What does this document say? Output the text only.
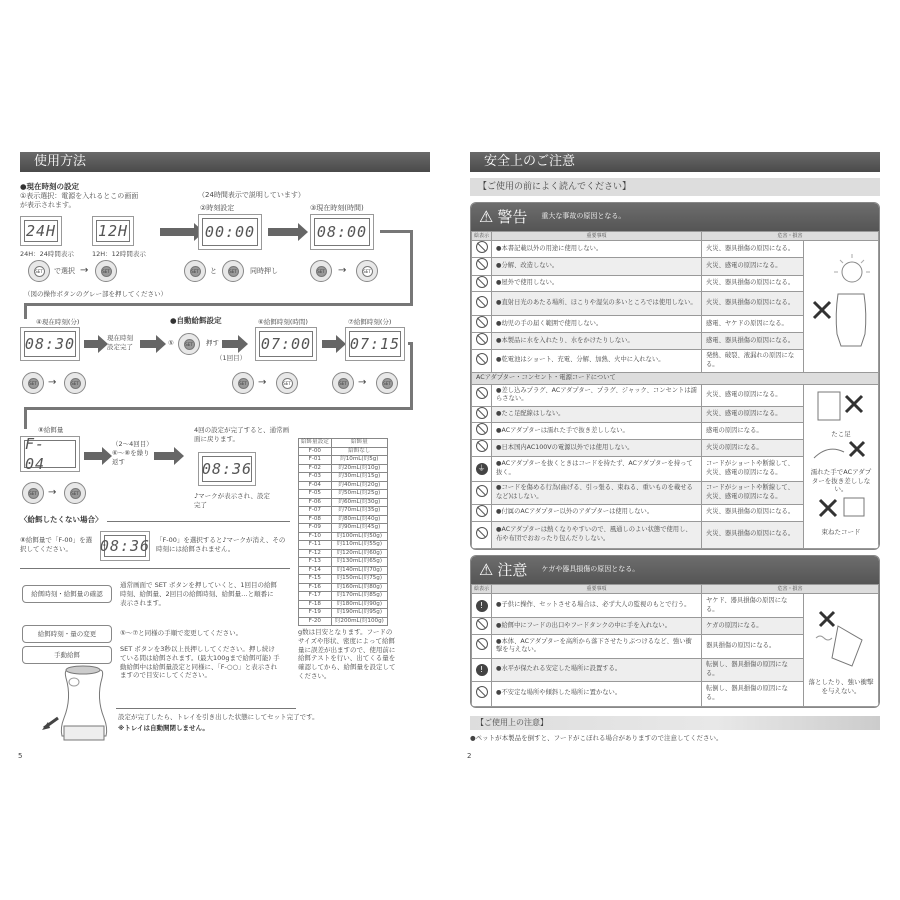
使用方法
●現在時刻の設定
①表示選択：電源を入れるとこの画面が表示されます。
24H	12H
24H：24時間表示	12H：12時間表示
SET で選択 →	SET
（図の操作ボタンのグレー部を押してください）
（24時間表示で説明しています）
②時刻設定
00:00
SET と	SET 同時押し
③現在時刻(時間)
08:00
SET →	SET
④現在時刻(分)
08:30	現在時刻設定完了
●自動給餌設定
⑤	SET 押す
（1回目）
⑥給餌時刻(時間)
07:00
⑦給餌時刻(分)
07:15
SET →	SET	SET →	SET	SET →	SET
⑧給餌量
F- 04
（2〜4回目）⑥〜⑧を繰り返す
4回の設定が完了すると、通常画面に戻ります。
08:36
♪マークが表示され、設定完了
SET →	SET
〈給餌したくない場合〉
⑧給餌量で「F-00」を選択してください。	08:36 「F-00」を選択すると♪マークが消え、その時刻には給餌されません。
給餌量設定	給餌量
F-00	給餌なし
F-01	約10mL(約5g)
F-02	約20mL(約10g)
F-03	約30mL(約15g)
F-04	約40mL(約20g)
F-05	約50mL(約25g)
F-06	約60mL(約30g)
F-07	約70mL(約35g)
F-08	約80mL(約40g)
F-09	約90mL(約45g)
F-10	約100mL(約50g)
F-11	約110mL(約55g)
F-12	約120mL(約60g)
F-13	約130mL(約65g)
F-14	約140mL(約70g)
F-15	約150mL(約75g)
F-16	約160mL(約80g)
F-17	約170mL(約85g)
F-18	約180mL(約90g)
F-19	約190mL(約95g)
F-20	約200mL(約100g)
g数は目安となります。フードのサイズや形状、密度によって給餌量に誤差が出ますので、使用前に給餌テストを行い、出てくる量を確認してから、給餌量を設定してください。
給餌時刻・給餌量の確認
通常画面で SET ボタンを押していくと、1回目の給餌時刻、給餌量、2回目の給餌時刻、給餌量…と順番に表示されます。
給餌時刻・量の変更	⑤〜⑦と同様の手順で変更してください。
手動給餌
SET ボタンを3秒以上長押ししてください。押し続けている間は給餌されます。(最大100gまで給餌可能) 手動給餌中は給餌量設定と同様に、「F-○○」と表示されますので目安にしてください。
設定が完了したら、トレイを引き出した状態にしてセット完了です。
※トレイは自動開閉しません。
5
安全上のご注意
【ご使用の前によく読んでください】
⚠ 警告 重大な事故の原因となる。
絵表示	重要事項	危害・損害	
	●本書記載以外の用途に使用しない。	火災、器具損傷の原因になる。	
	●分解、改造しない。	火災、感電の原因になる。	
	●屋外で使用しない。	火災、器具損傷の原因になる。	
	●直射日光のあたる場所、ほこりや湿気の多いところでは使用しない。	火災、器具損傷の原因になる。	
	●幼児の手の届く範囲で使用しない。	感電、ヤケドの原因になる。	
	●本製品に水を入れたり、水をかけたりしない。	感電、器具損傷の原因になる。	
	●乾電池はショート、充電、分解、加熱、火中に入れない。	発熱、破裂、液漏れの原因になる。	
ACアダプター・コンセント・電源コードについて			
	●差し込みプラグ、ACアダプター、プラグ、ジャック、コンセントは濡らさない。	火災、感電の原因になる。	たこ足
濡れた手でACアダプターを抜き差ししない。
束ねたコード

	●たこ足配線はしない。	火災、感電の原因になる。	
	●ACアダプターは濡れた手で抜き差ししない。	感電の原因になる。	
	●日本国内AC100Vの電源以外では使用しない。	火災の原因になる。	
⏚	●ACアダプターを抜くときはコードを持たず、ACアダプターを持って抜く。	コードがショートや断線して、火災、感電の原因になる。	
	●コードを傷める行為(曲げる、引っ張る、束ねる、重いものを載せるなど)はしない。	コードがショートや断線して、火災、感電の原因になる。	
	●付属のACアダプター以外のアダプターは使用しない。	火災、器具損傷の原因になる。	
	●ACアダプターは熱くなりやすいので、風通しのよい状態で使用し、布や布団でおおったり包んだりしない。	火災、器具損傷の原因になる。	
⚠ 注意 ケガや器具損傷の原因となる。
絵表示	重要事項	危害・損害	
!	●子供に操作、セットさせる場合は、必ず大人の監視のもとで行う。	ヤケド、器具損傷の原因になる。	落としたり、強い衝撃を与えない。

	●給餌中にフードの出口やフードタンクの中に手を入れない。	ケガの原因になる。	
	●本体、ACアダプターを高所から落下させたりぶつけるなど、強い衝撃を与えない。	器具損傷の原因になる。	
!	●水平が保たれる安定した場所に設置する。	転倒し、器具損傷の原因になる。	
	●不安定な場所や傾斜した場所に置かない。	転倒し、器具損傷の原因になる。	
【ご使用上の注意】
●ペットが本製品を倒すと、フードがこぼれる場合がありますので注意してください。
2
